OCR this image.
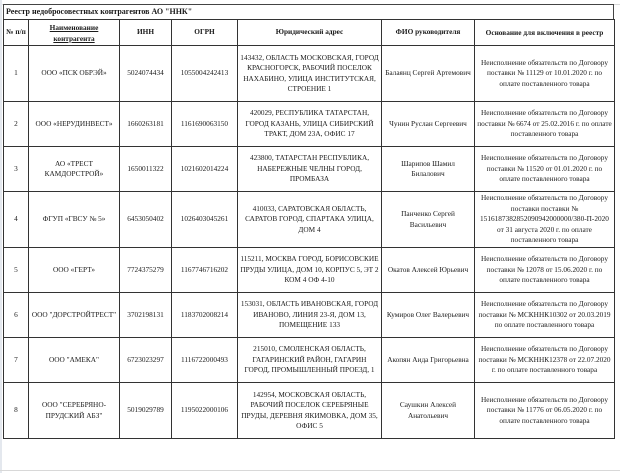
Реестр недобросовестных контрагентов АО "ННК"
№ п/п	Наименование контрагента	ИНН	ОГРН	Юридический адрес	ФИО руководителя	Основание для включения в реестр
1	ООО «ПСК ОБРЭЙ»	5024074434	1055004242413	143432, ОБЛАСТЬ МОСКОВСКАЯ, ГОРОД КРАСНОГОРСК, РАБОЧИЙ ПОСЕЛОК НАХАБИНО, УЛИЦА ИНСТИТУТСКАЯ, СТРОЕНИЕ 1	Балаянц Сергей Артемович	Неисполнение обязательств по Договору поставки № 11129 от 10.01.2020 г. по оплате поставленного товара
2	ООО «НЕРУДИНВЕСТ»	1660263181	1161690063150	420029, РЕСПУБЛИКА ТАТАРСТАН, ГОРОД КАЗАНЬ, УЛИЦА СИБИРСКИЙ ТРАКТ, ДОМ 23А, ОФИС 17	Чунин Руслан Сергеевич	Неисполнение обязательств по Договору поставки № 6674 от 25.02.2016 г. по оплате поставленного товара
3	АО «ТРЕСТ КАМДОРСТРОЙ»	1650011322	1021602014224	423800, ТАТАРСТАН РЕСПУБЛИКА, НАБЕРЕЖНЫЕ ЧЕЛНЫ ГОРОД, ПРОМБАЗА	Шарипов Шамил Билалович	Неисполнение обязательств по Договору поставки № 11520 от 01.01.2020 г. по оплате поставленного товара
4	ФГУП «ГВСУ № 5»	6453050402	1026403045261	410033, САРАТОВСКАЯ ОБЛАСТЬ, САРАТОВ ГОРОД, СПАРТАКА УЛИЦА, ДОМ 4	Панченко Сергей Васильевич	Неисполнение обязательств по Договору поставки поставки № 1516187382852090942000000/380-П-2020 от 31 августа 2020 г. по оплате поставленного товара
5	ООО «ГЕРТ»	7724375279	1167746716202	115211, МОСКВА ГОРОД, БОРИСОВСКИЕ ПРУДЫ УЛИЦА, ДОМ 10, КОРПУС 5, ЭТ 2 КОМ 4 ОФ 4-10	Окатов Алексей Юрьевич	Неисполнение обязательств по Договору поставки № 12078 от 15.06.2020 г. по оплате поставленного товара
6	ООО "ДОРСТРОЙТРЕСТ"	3702198131	1183702008214	153031, ОБЛАСТЬ ИВАНОВСКАЯ, ГОРОД ИВАНОВО, ЛИНИЯ 23-Я, ДОМ 13, ПОМЕЩЕНИЕ 133	Кумиров Олег Валерьевич	Неисполнение обязательств по Договору поставки № МСКННК10302 от 20.03.2019 по оплате поставленного товара
7	ООО "АМЕКА"	6723023297	1116722000493	215010, СМОЛЕНСКАЯ ОБЛАСТЬ, ГАГАРИНСКИЙ РАЙОН, ГАГАРИН ГОРОД, ПРОМЫШЛЕННЫЙ ПРОЕЗД, 1	Акопян Аида Григорьевна	Неисполнение обязательств по Договору поставки № МСКННК12378 от 22.07.2020 г. по оплате поставленного товара
8	ООО "СЕРЕБРЯНО-ПРУДСКИЙ АБЗ"	5019029789	1195022000106	142954, МОСКОВСКАЯ ОБЛАСТЬ, РАБОЧИЙ ПОСЕЛОК СЕРЕБРЯНЫЕ ПРУДЫ, ДЕРЕВНЯ ЯКИМОВКА, ДОМ 35, ОФИС 5	Саушкин Алексей Анатольевич	Неисполнение обязательств по Договору поставки № 11776 от 06.05.2020 г. по оплате поставленного товара
